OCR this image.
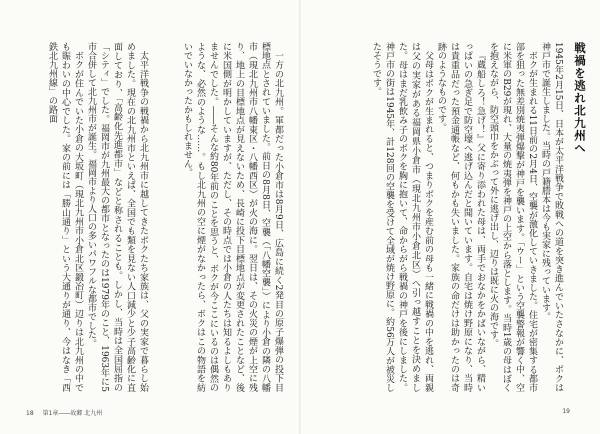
一方の北九州。軍都だった小倉市は8月9日、広島に続く2発目の原子爆弾の投下目標地点とされていました。前日の8月8日、空襲（「八幡空襲」）により小倉の隣の八幡市（現北九州市八幡東区・八幡西区）が火の海に。翌日は、その火災の煙が上空に残り、地上の目標地点が見えないため、長崎に投下目標地点が変更されたことなど、後に米国側が明かしていますが、ただし、その時点では小倉の人たちは知るよしもありませんでした。――そんな約80年前のことを思うと、ボクが今ここにいるのは偶然のような、必然のような……。もし北九州の空に煙がなかったら、ボクはこの物語を紡いでいなかったかもしれません。

太平洋戦争の戦禍から北九州市に越してきたボクたち家族は、父の実家で暮らし始めました。現在の北九州市といえば、全国でも類を見ない人口減少と少子高齢化に直面しており、「高齢化先進都市」などと称されることも。しかし、当時は全国屈指の「シティ」でした。福岡市が九州最大の都市となったのは1979年のこと、1963年に5市合併して北九州市が誕生。福岡市より人口の多いパワフルな都市でした。

ボクが住んでいた小倉の大坂町（現北九州市小倉北区鍛冶町）辺りは北九州の中でも賑わいの中心でした。家の前には「勝山通り」という大通りが通り、今はなき「西鉄北九州線」の路面

18 第1章――故郷 北九州
戦禍を逃れ北九州へ

1945年2月15日、日本が太平洋戦争で敗戦への道を突き進んでいたさなかに、ボクは神戸市で誕生しました。当時の戸籍謄本は今も実家に残っています。

ボクが生まれる11日前の2月4日、空襲が激化していきました。住宅が密集する都市部を狙った無差別焼夷弾爆撃が神戸を襲います。「ウー」という空襲警報が響く中、空に米軍のB29が現れ、大量の焼夷弾を神戸の上空から落とします。当時1歳の母はぼくを抱えながら、防空頭巾をかぶって外に逃げ出し、辺りは既に火の海です。

『蔵船しろ！急げ！』父に寄り添われた母は、両手でおなかをかばいながら、精いっぱいの急ぎ足で防空壕へ逃げ込んだと聞いています。自宅は焼け野原になり、当時は貴重品だった預金通帳など、何もかも失いました。家族の命だけは助かったのは奇跡のようなものです。

父母はボクが生まれると、つまりボクを産む前の母も一緒に戦禍の中を逃れ、両親は父の実家がある福岡県小倉市（現北九州市小倉北区）へ引っ越すことを決めました。母はまだ乳飲み子のボクを胸に抱いて、命からがら戦禍の神戸を後にしました。神戸市の街は1945年、計128回の空襲を受けて全域が焼け野原に。約56万人が被災したそうです。

19
